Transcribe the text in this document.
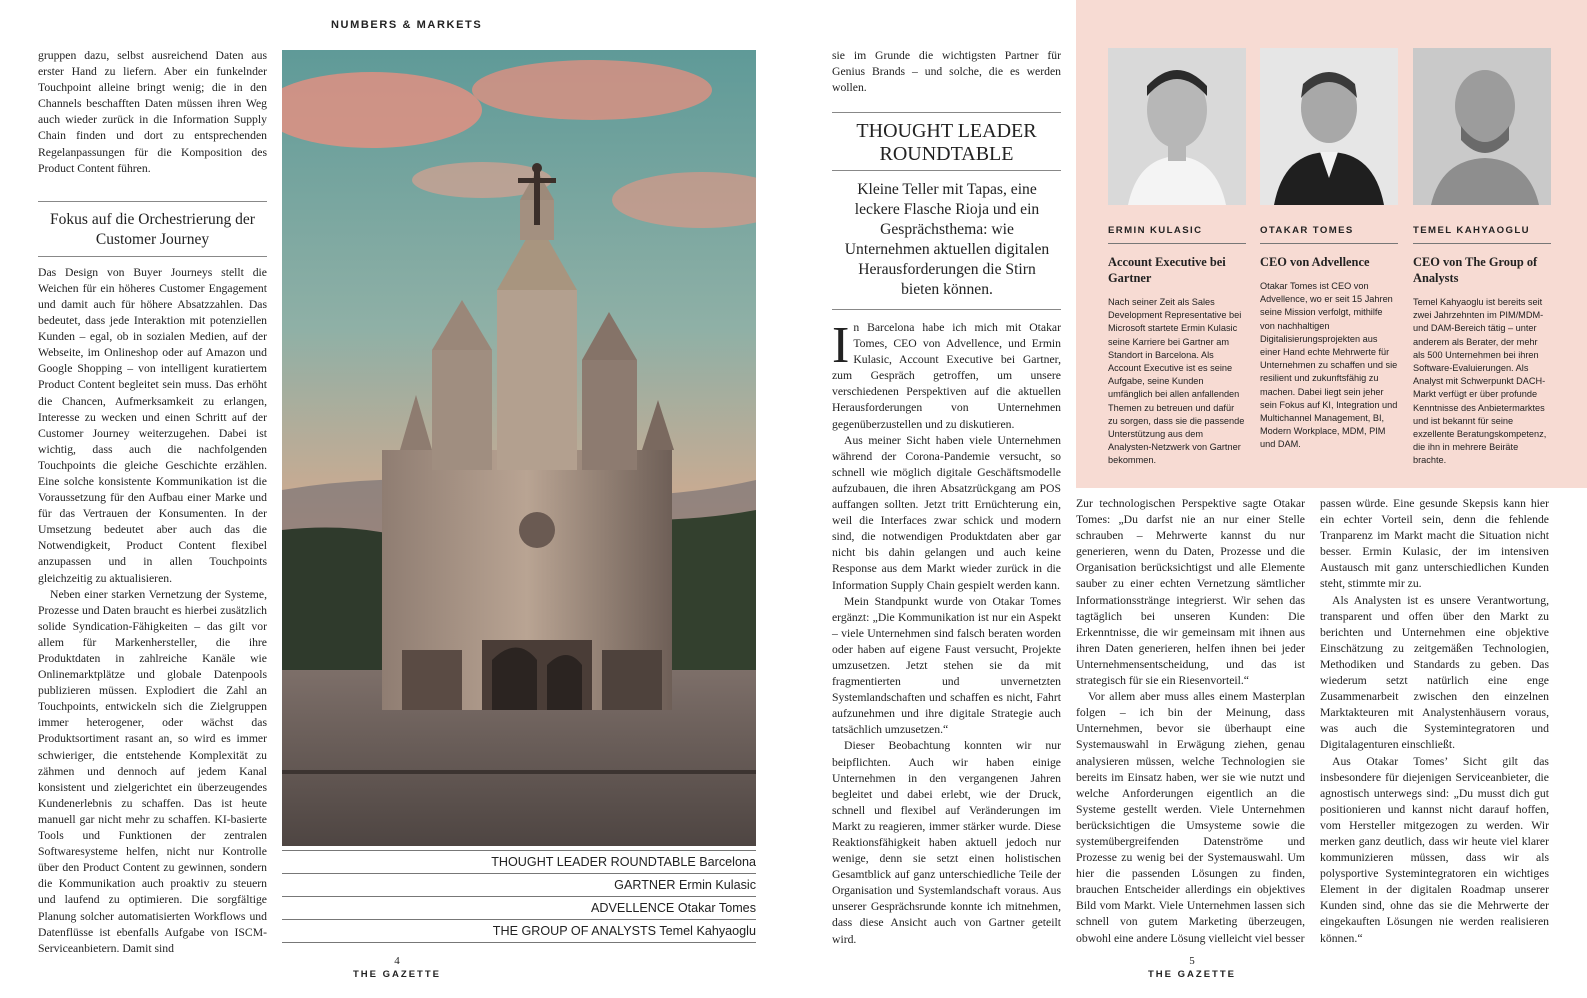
NUMBERS & MARKETS

gruppen dazu, selbst ausreichend Daten aus erster Hand zu liefern. Aber ein funkelnder Touchpoint alleine bringt wenig; die in den Channels beschafften Daten müssen ihren Weg auch wieder zurück in die Information Supply Chain finden und dort zu entsprechenden Regelanpassungen für die Komposition des Product Content führen.

Fokus auf die Orchestrierung der Customer Journey

Das Design von Buyer Journeys stellt die Weichen für ein höheres Customer Engagement und damit auch für höhere Absatzzahlen. Das bedeutet, dass jede Interaktion mit potenziellen Kunden – egal, ob in sozialen Medien, auf der Webseite, im Onlineshop oder auf Amazon und Google Shopping – von intelligent kuratiertem Product Content begleitet sein muss. Das erhöht die Chancen, Aufmerksamkeit zu erlangen, Interesse zu wecken und einen Schritt auf der Customer Journey weiterzugehen. Dabei ist wichtig, dass auch die nachfolgenden Touchpoints die gleiche Geschichte erzählen. Eine solche konsistente Kommunikation ist die Voraussetzung für den Aufbau einer Marke und für das Vertrauen der Konsumenten. In der Umsetzung bedeutet aber auch das die Notwendigkeit, Product Content flexibel anzupassen und in allen Touchpoints gleichzeitig zu aktualisieren.

Neben einer starken Vernetzung der Systeme, Prozesse und Daten braucht es hierbei zusätzlich solide Syndication-Fähigkeiten – das gilt vor allem für Markenhersteller, die ihre Produktdaten in zahlreiche Kanäle wie Onlinemarktplätze und globale Datenpools publizieren müssen. Explodiert die Zahl an Touchpoints, entwickeln sich die Zielgruppen immer heterogener, oder wächst das Produktsortiment rasant an, so wird es immer schwieriger, die entstehende Komplexität zu zähmen und dennoch auf jedem Kanal konsistent und zielgerichtet ein überzeugendes Kundenerlebnis zu schaffen. Das ist heute manuell gar nicht mehr zu schaffen. KI-basierte Tools und Funktionen der zentralen Softwaresysteme helfen, nicht nur Kontrolle über den Product Content zu gewinnen, sondern die Kommunikation auch proaktiv zu steuern und laufend zu optimieren. Die sorgfältige Planung solcher automatisierten Workflows und Datenflüsse ist ebenfalls Aufgabe von ISCM-Serviceanbietern. Damit sind

THOUGHT LEADER ROUNDTABLE Barcelona
GARTNER Ermin Kulasic
ADVELLENCE Otakar Tomes
THE GROUP OF ANALYSTS Temel Kahyaoglu
4
THE GAZETTE

sie im Grunde die wichtigsten Partner für Genius Brands – und solche, die es werden wollen.

THOUGHT LEADER ROUNDTABLE
Kleine Teller mit Tapas, eine leckere Flasche Rioja und ein Gesprächsthema: wie Unternehmen aktuellen digitalen Herausforderungen die Stirn bieten können.

In Barcelona habe ich mich mit Otakar Tomes, CEO von Advellence, und Ermin Kulasic, Account Executive bei Gartner, zum Gespräch getroffen, um unsere verschiedenen Perspektiven auf die aktuellen Herausforderungen von Unternehmen gegenüberzustellen und zu diskutieren.

Aus meiner Sicht haben viele Unternehmen während der Corona-Pandemie versucht, so schnell wie möglich digitale Geschäftsmodelle aufzubauen, die ihren Absatzrückgang am POS auffangen sollten. Jetzt tritt Ernüchterung ein, weil die Interfaces zwar schick und modern sind, die notwendigen Produktdaten aber gar nicht bis dahin gelangen und auch keine Response aus dem Markt wieder zurück in die Information Supply Chain gespielt werden kann.

Mein Standpunkt wurde von Otakar Tomes ergänzt: „Die Kommunikation ist nur ein Aspekt – viele Unternehmen sind falsch beraten worden oder haben auf eigene Faust versucht, Projekte umzusetzen. Jetzt stehen sie da mit fragmentierten und unvernetzten Systemlandschaften und schaffen es nicht, Fahrt aufzunehmen und ihre digitale Strategie auch tatsächlich umzusetzen.“

Dieser Beobachtung konnten wir nur beipflichten. Auch wir haben einige Unternehmen in den vergangenen Jahren begleitet und dabei erlebt, wie der Druck, schnell und flexibel auf Veränderungen im Markt zu reagieren, immer stärker wurde. Diese Reaktionsfähigkeit haben aktuell jedoch nur wenige, denn sie setzt einen holistischen Gesamtblick auf ganz unterschiedliche Teile der Organisation und Systemlandschaft voraus. Aus unserer Gesprächsrunde konnte ich mitnehmen, dass diese Ansicht auch von Gartner geteilt wird.

Zur technologischen Perspektive sagte Otakar Tomes: „Du darfst nie an nur einer Stelle schrauben – Mehrwerte kannst du nur generieren, wenn du Daten, Prozesse und die Organisation berücksichtigst und alle Elemente sauber zu einer echten Vernetzung sämtlicher Informationsstränge integrierst. Wir sehen das tagtäglich bei unseren Kunden: Die Erkenntnisse, die wir gemeinsam mit ihnen aus ihren Daten generieren, helfen ihnen bei jeder Unternehmensentscheidung, und das ist strategisch für sie ein Riesenvorteil.“

Vor allem aber muss alles einem Masterplan folgen – ich bin der Meinung, dass Unternehmen, bevor sie überhaupt eine Systemauswahl in Erwägung ziehen, genau analysieren müssen, welche Technologien sie bereits im Einsatz haben, wer sie wie nutzt und welche Anforderungen eigentlich an die Systeme gestellt werden. Viele Unternehmen berücksichtigen die Umsysteme sowie die systemübergreifenden Datenströme und Prozesse zu wenig bei der Systemauswahl. Um hier die passenden Lösungen zu finden, brauchen Entscheider allerdings ein objektives Bild vom Markt. Viele Unternehmen lassen sich schnell von gutem Marketing überzeugen, obwohl eine andere Lösung vielleicht viel besser

passen würde. Eine gesunde Skepsis kann hier ein echter Vorteil sein, denn die fehlende Tranparenz im Markt macht die Situation nicht besser. Ermin Kulasic, der im intensiven Austausch mit ganz unterschiedlichen Kunden steht, stimmte mir zu.

Als Analysten ist es unsere Verantwortung, transparent und offen über den Markt zu berichten und Unternehmen eine objektive Einschätzung zu zeitgemäßen Technologien, Methodiken und Standards zu geben. Das wiederum setzt natürlich eine enge Zusammenarbeit zwischen den einzelnen Marktakteuren mit Analystenhäusern voraus, was auch die Systemintegratoren und Digitalagenturen einschließt.

Aus Otakar Tomes’ Sicht gilt das insbesondere für diejenigen Serviceanbieter, die agnostisch unterwegs sind: „Du musst dich gut positionieren und kannst nicht darauf hoffen, vom Hersteller mitgezogen zu werden. Wir merken ganz deutlich, dass wir heute viel klarer kommunizieren müssen, dass wir als polysportive Systemintegratoren ein wichtiges Element in der digitalen Roadmap unserer Kunden sind, ohne das sie die Mehrwerte der eingekauften Lösungen nie werden realisieren können.“

ERMIN KULASIC
Account Executive bei Gartner
Nach seiner Zeit als Sales Development Representative bei Microsoft startete Ermin Kulasic seine Karriere bei Gartner am Standort in Barcelona. Als Account Executive ist es seine Aufgabe, seine Kunden umfänglich bei allen anfallenden Themen zu betreuen und dafür zu sorgen, dass sie die passende Unterstützung aus dem Analysten-Netzwerk von Gartner bekommen.
OTAKAR TOMES
CEO von Advellence
Otakar Tomes ist CEO von Advellence, wo er seit 15 Jahren seine Mission verfolgt, mithilfe von nachhaltigen Digitalisierungsprojekten aus einer Hand echte Mehrwerte für Unternehmen zu schaffen und sie resilient und zukunftsfähig zu machen. Dabei liegt sein jeher sein Fokus auf KI, Integration und Multichannel Management, BI, Modern Workplace, MDM, PIM und DAM.
TEMEL KAHYAOGLU
CEO von The Group of Analysts
Temel Kahyaoglu ist bereits seit zwei Jahrzehnten im PIM/MDM- und DAM-Bereich tätig – unter anderem als Berater, der mehr als 500 Unternehmen bei ihren Software-Evaluierungen. Als Analyst mit Schwerpunkt DACH-Markt verfügt er über profunde Kenntnisse des Anbietermarktes und ist bekannt für seine exzellente Beratungskompetenz, die ihn in mehrere Beiräte brachte.
5
THE GAZETTE
